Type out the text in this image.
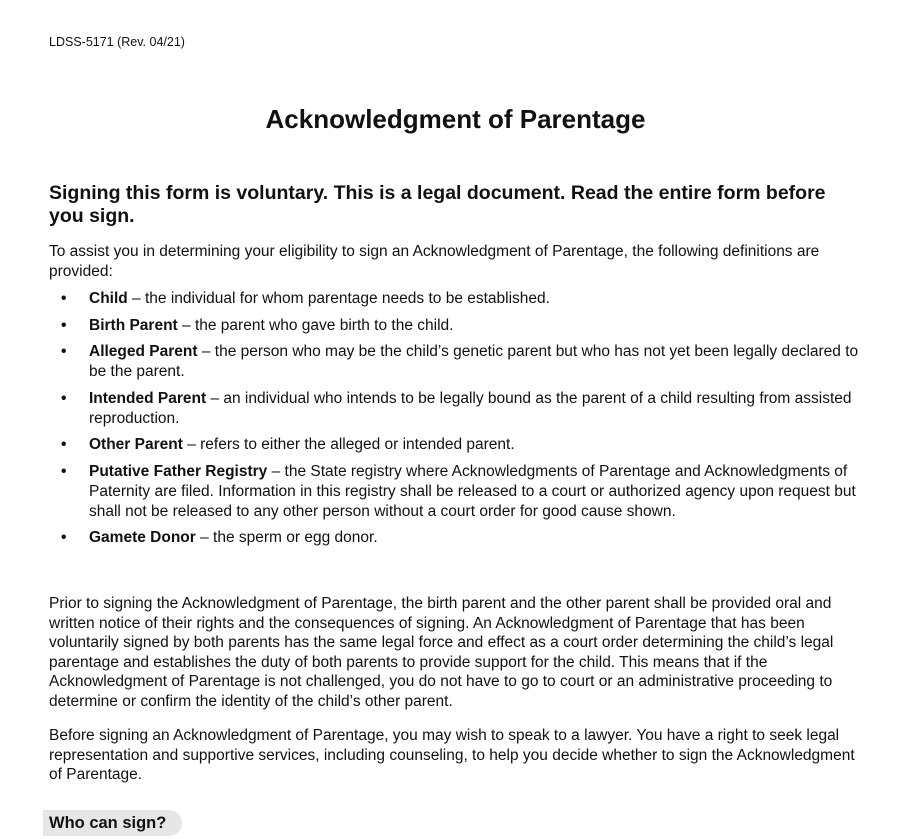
LDSS-5171 (Rev. 04/21)
Acknowledgment of Parentage
Signing this form is voluntary. This is a legal document. Read the entire form before you sign.

To assist you in determining your eligibility to sign an Acknowledgment of Parentage, the following definitions are provided:

• Child – the individual for whom parentage needs to be established.
• Birth Parent – the parent who gave birth to the child.
• Alleged Parent – the person who may be the child’s genetic parent but who has not yet been legally declared to be the parent.
• Intended Parent – an individual who intends to be legally bound as the parent of a child resulting from assisted reproduction.
• Other Parent – refers to either the alleged or intended parent.
• Putative Father Registry – the State registry where Acknowledgments of Parentage and Acknowledgments of Paternity are filed. Information in this registry shall be released to a court or authorized agency upon request but shall not be released to any other person without a court order for good cause shown.
• Gamete Donor – the sperm or egg donor.

Prior to signing the Acknowledgment of Parentage, the birth parent and the other parent shall be provided oral and written notice of their rights and the consequences of signing. An Acknowledgment of Parentage that has been voluntarily signed by both parents has the same legal force and effect as a court order determining the child’s legal parentage and establishes the duty of both parents to provide support for the child. This means that if the Acknowledgment of Parentage is not challenged, you do not have to go to court or an administrative proceeding to determine or confirm the identity of the child’s other parent.

Before signing an Acknowledgment of Parentage, you may wish to speak to a lawyer. You have a right to seek legal representation and supportive services, including counseling, to help you decide whether to sign the Acknowledgment of Parentage.

Who can sign?
